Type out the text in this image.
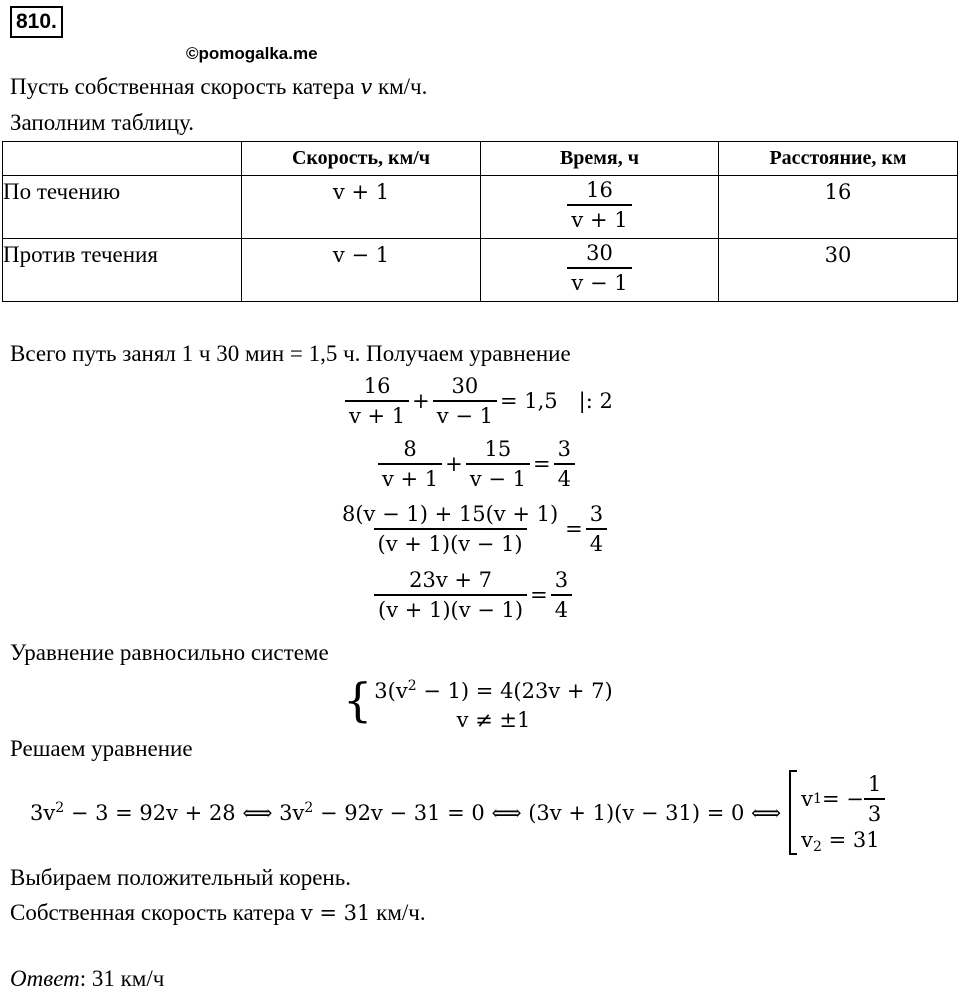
810.
©pomogalka.me
Пусть собственная скорость катера v км/ч.
Заполним таблицу.
	Скорость, км/ч	Время, ч	Расстояние, км
По течению	v + 1	$\frac{16}{v + 1}$	16
Против течения	v − 1	$\frac{30}{v - 1}$	30
Всего путь занял 1 ч 30 мин = 1,5 ч. Получаем уравнение
$\frac{16}{v + 1} + \frac{30}{v - 1} = 1,5$ |: 2
$\frac{8}{v + 1} + \frac{15}{v - 1} = \frac{3}{4}$
$\frac{8(v - 1) + 15(v + 1)}{(v + 1)(v - 1)} = \frac{3}{4}$
$\frac{23v + 7}{(v + 1)(v - 1)} = \frac{3}{4}$
Уравнение равносильно системе
{ $3(v^2 - 1) = 4(23v + 7)$
v ≠ ±1
Решаем уравнение
$3v^2 - 3 = 92v + 28$ ⟺ $3v^2 - 92v - 31 = 0$ ⟺ (3v + 1)(v − 31) = 0 ⟺
v 1 = − $\frac{1}{3}$
$v_2 = 31$
Выбираем положительный корень.
Собственная скорость катера v = 31 км/ч.
Ответ: 31 км/ч
